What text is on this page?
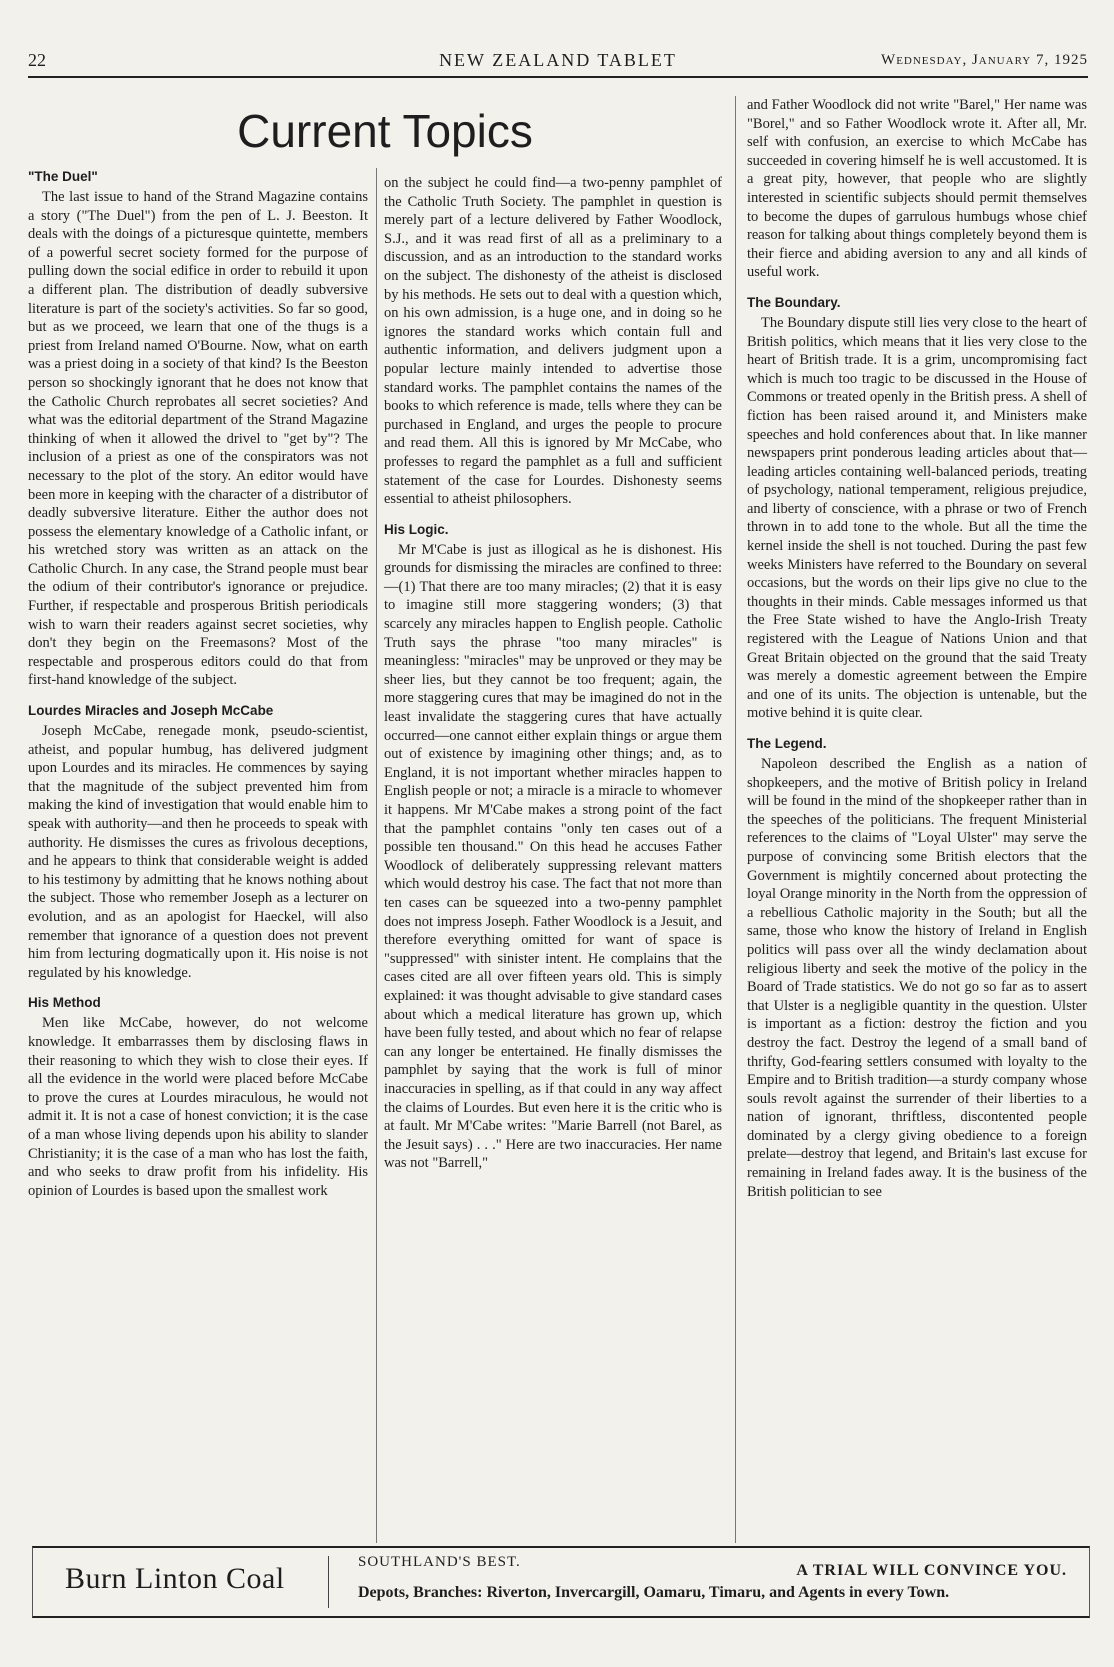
22	NEW ZEALAND TABLET	Wednesday, January 7, 1925
Current Topics
"The Duel"

The last issue to hand of the Strand Magazine contains a story ("The Duel") from the pen of L. J. Beeston. It deals with the doings of a picturesque quintette, members of a powerful secret society formed for the purpose of pulling down the social edifice in order to rebuild it upon a different plan. The distribution of deadly subversive literature is part of the society's activities. So far so good, but as we proceed, we learn that one of the thugs is a priest from Ireland named O'Bourne. Now, what on earth was a priest doing in a society of that kind? Is the Beeston person so shockingly ignorant that he does not know that the Catholic Church reprobates all secret societies? And what was the editorial department of the Strand Magazine thinking of when it allowed the drivel to "get by"? The inclusion of a priest as one of the conspirators was not necessary to the plot of the story. An editor would have been more in keeping with the character of a distributor of deadly subversive literature. Either the author does not possess the elementary knowledge of a Catholic infant, or his wretched story was written as an attack on the Catholic Church. In any case, the Strand people must bear the odium of their contributor's ignorance or prejudice. Further, if respectable and prosperous British periodicals wish to warn their readers against secret societies, why don't they begin on the Freemasons? Most of the respectable and prosperous editors could do that from first-hand knowledge of the subject.

Lourdes Miracles and Joseph McCabe

Joseph McCabe, renegade monk, pseudo-scientist, atheist, and popular humbug, has delivered judgment upon Lourdes and its miracles. He commences by saying that the magnitude of the subject prevented him from making the kind of investigation that would enable him to speak with authority—and then he proceeds to speak with authority. He dismisses the cures as frivolous deceptions, and he appears to think that considerable weight is added to his testimony by admitting that he knows nothing about the subject. Those who remember Joseph as a lecturer on evolution, and as an apologist for Haeckel, will also remember that ignorance of a question does not prevent him from lecturing dogmatically upon it. His noise is not regulated by his knowledge.

His Method

Men like McCabe, however, do not welcome knowledge. It embarrasses them by disclosing flaws in their reasoning to which they wish to close their eyes. If all the evidence in the world were placed before McCabe to prove the cures at Lourdes miraculous, he would not admit it. It is not a case of honest conviction; it is the case of a man whose living depends upon his ability to slander Christianity; it is the case of a man who has lost the faith, and who seeks to draw profit from his infidelity. His opinion of Lourdes is based upon the smallest work

on the subject he could find—a two-penny pamphlet of the Catholic Truth Society. The pamphlet in question is merely part of a lecture delivered by Father Woodlock, S.J., and it was read first of all as a preliminary to a discussion, and as an introduction to the standard works on the subject. The dishonesty of the atheist is disclosed by his methods. He sets out to deal with a question which, on his own admission, is a huge one, and in doing so he ignores the standard works which contain full and authentic information, and delivers judgment upon a popular lecture mainly intended to advertise those standard works. The pamphlet contains the names of the books to which reference is made, tells where they can be purchased in England, and urges the people to procure and read them. All this is ignored by Mr McCabe, who professes to regard the pamphlet as a full and sufficient statement of the case for Lourdes. Dishonesty seems essential to atheist philosophers.

His Logic.

Mr M'Cabe is just as illogical as he is dishonest. His grounds for dismissing the miracles are confined to three:—(1) That there are too many miracles; (2) that it is easy to imagine still more staggering wonders; (3) that scarcely any miracles happen to English people. Catholic Truth says the phrase "too many miracles" is meaningless: "miracles" may be unproved or they may be sheer lies, but they cannot be too frequent; again, the more staggering cures that may be imagined do not in the least invalidate the staggering cures that have actually occurred—one cannot either explain things or argue them out of existence by imagining other things; and, as to England, it is not important whether miracles happen to English people or not; a miracle is a miracle to whomever it happens. Mr M'Cabe makes a strong point of the fact that the pamphlet contains "only ten cases out of a possible ten thousand." On this head he accuses Father Woodlock of deliberately suppressing relevant matters which would destroy his case. The fact that not more than ten cases can be squeezed into a two-penny pamphlet does not impress Joseph. Father Woodlock is a Jesuit, and therefore everything omitted for want of space is "suppressed" with sinister intent. He complains that the cases cited are all over fifteen years old. This is simply explained: it was thought advisable to give standard cases about which a medical literature has grown up, which have been fully tested, and about which no fear of relapse can any longer be entertained. He finally dismisses the pamphlet by saying that the work is full of minor inaccuracies in spelling, as if that could in any way affect the claims of Lourdes. But even here it is the critic who is at fault. Mr M'Cabe writes: "Marie Barrell (not Barel, as the Jesuit says) . . ." Here are two inaccuracies. Her name was not "Barrell,"

and Father Woodlock did not write "Barel," Her name was "Borel," and so Father Woodlock wrote it. After all, Mr. self with confusion, an exercise to which McCabe has succeeded in covering himself he is well accustomed. It is a great pity, however, that people who are slightly interested in scientific subjects should permit themselves to become the dupes of garrulous humbugs whose chief reason for talking about things completely beyond them is their fierce and abiding aversion to any and all kinds of useful work.

The Boundary.

The Boundary dispute still lies very close to the heart of British politics, which means that it lies very close to the heart of British trade. It is a grim, uncompromising fact which is much too tragic to be discussed in the House of Commons or treated openly in the British press. A shell of fiction has been raised around it, and Ministers make speeches and hold conferences about that. In like manner newspapers print ponderous leading articles about that—leading articles containing well-balanced periods, treating of psychology, national temperament, religious prejudice, and liberty of conscience, with a phrase or two of French thrown in to add tone to the whole. But all the time the kernel inside the shell is not touched. During the past few weeks Ministers have referred to the Boundary on several occasions, but the words on their lips give no clue to the thoughts in their minds. Cable messages informed us that the Free State wished to have the Anglo-Irish Treaty registered with the League of Nations Union and that Great Britain objected on the ground that the said Treaty was merely a domestic agreement between the Empire and one of its units. The objection is untenable, but the motive behind it is quite clear.

The Legend.

Napoleon described the English as a nation of shopkeepers, and the motive of British policy in Ireland will be found in the mind of the shopkeeper rather than in the speeches of the politicians. The frequent Ministerial references to the claims of "Loyal Ulster" may serve the purpose of convincing some British electors that the Government is mightily concerned about protecting the loyal Orange minority in the North from the oppression of a rebellious Catholic majority in the South; but all the same, those who know the history of Ireland in English politics will pass over all the windy declamation about religious liberty and seek the motive of the policy in the Board of Trade statistics. We do not go so far as to assert that Ulster is a negligible quantity in the question. Ulster is important as a fiction: destroy the fiction and you destroy the fact. Destroy the legend of a small band of thrifty, God-fearing settlers consumed with loyalty to the Empire and to British tradition—a sturdy company whose souls revolt against the surrender of their liberties to a nation of ignorant, thriftless, discontented people dominated by a clergy giving obedience to a foreign prelate—destroy that legend, and Britain's last excuse for remaining in Ireland fades away. It is the business of the British politician to see

Burn Linton Coal	SOUTHLAND'S BEST.	A TRIAL WILL CONVINCE YOU.
Depots, Branches: Riverton, Invercargill, Oamaru, Timaru, and Agents in every Town.
